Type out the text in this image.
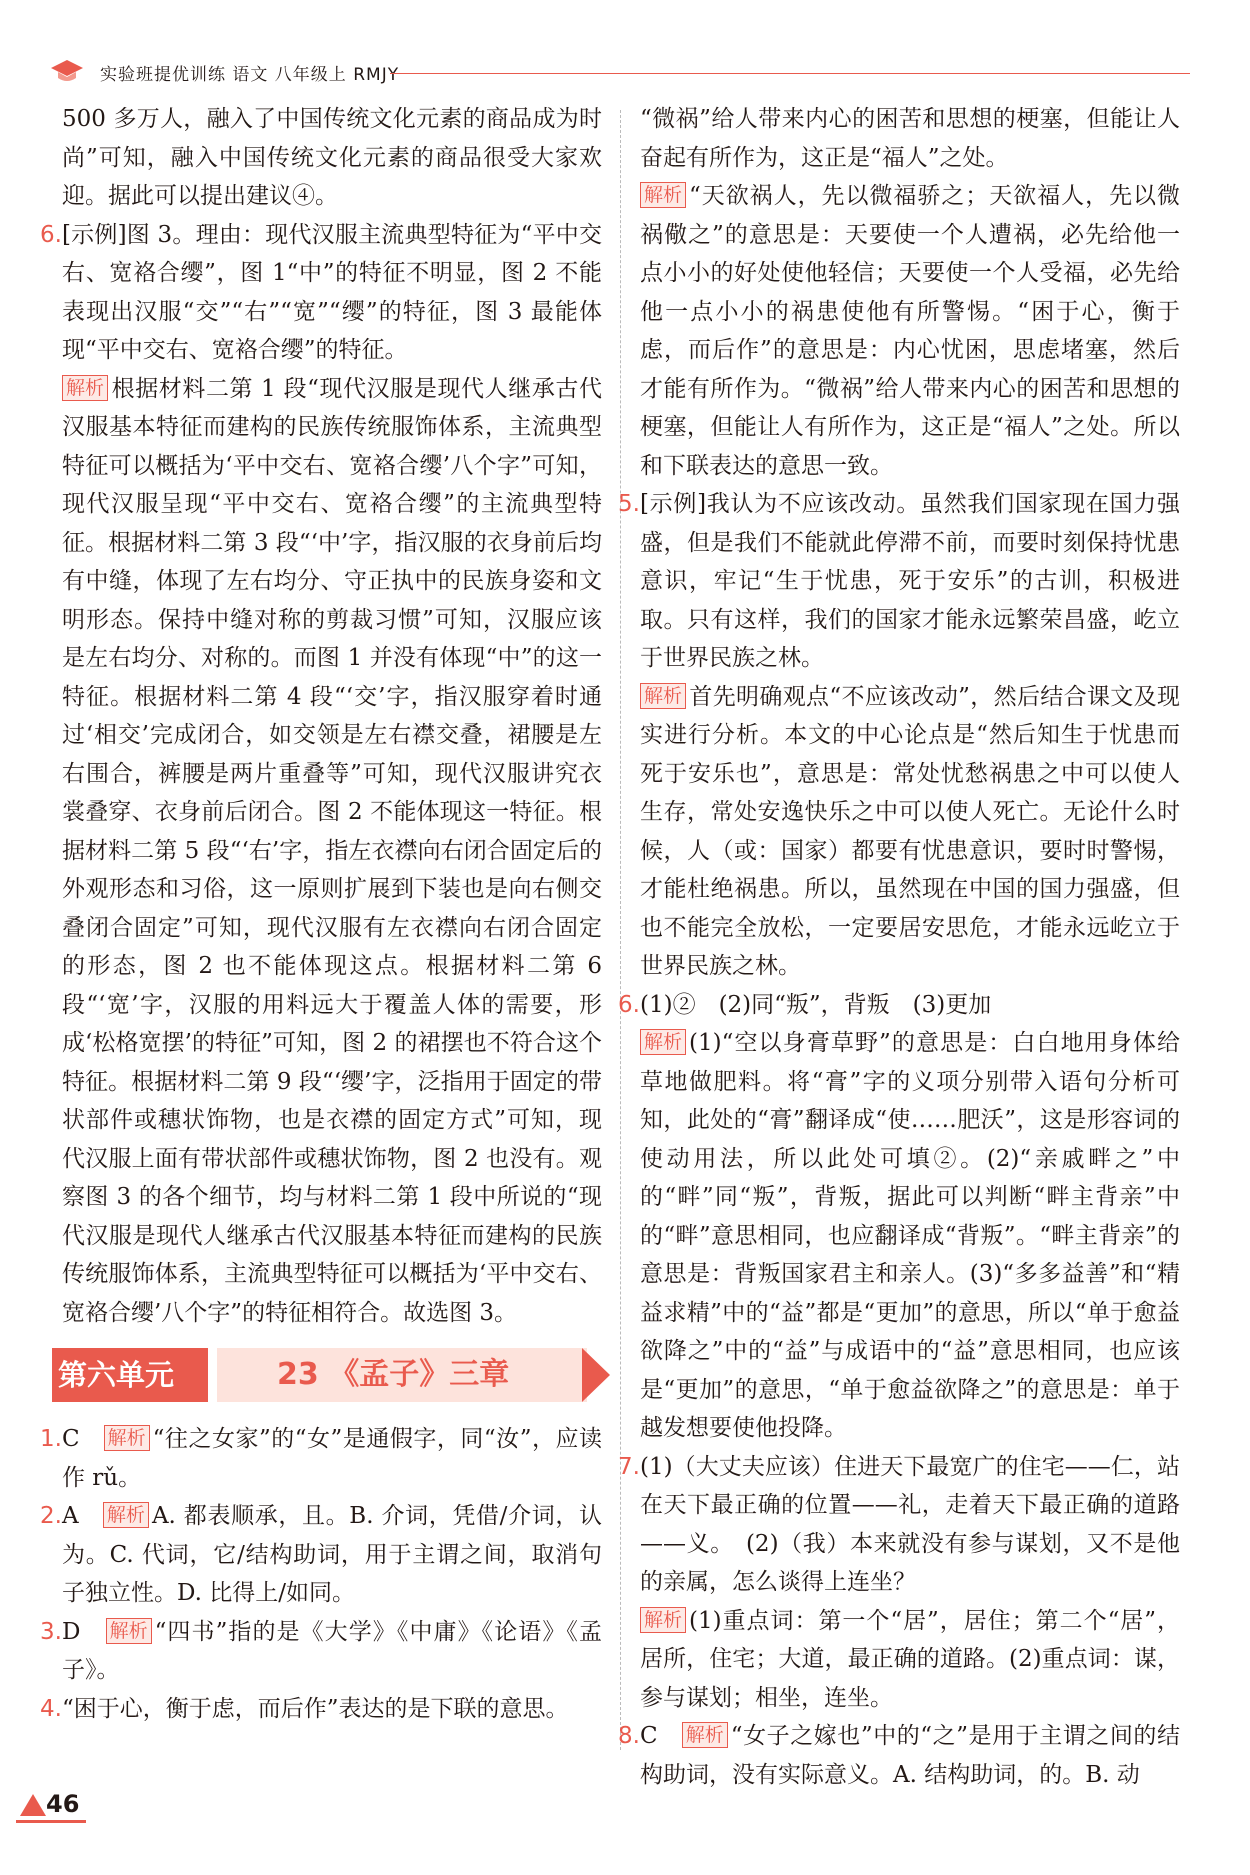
实验班提优训练 语文 八年级上 RMJY

500 多万人，融入了中国传统文化元素的商品成为时尚”可知，融入中国传统文化元素的商品很受大家欢迎。据此可以提出建议④。

6. [示例]图 3。理由：现代汉服主流典型特征为“平中交右、宽袼合缨”，图 1“中”的特征不明显，图 2 不能表现出汉服“交”“右”“宽”“缨”的特征，图 3 最能体现“平中交右、宽袼合缨”的特征。

解析 根据材料二第 1 段“现代汉服是现代人继承古代汉服基本特征而建构的民族传统服饰体系，主流典型特征可以概括为‘平中交右、宽袼合缨’八个字”可知，现代汉服呈现“平中交右、宽袼合缨”的主流典型特征。根据材料二第 3 段“‘中’字，指汉服的衣身前后均有中缝，体现了左右均分、守正执中的民族身姿和文明形态。保持中缝对称的剪裁习惯”可知，汉服应该是左右均分、对称的。而图 1 并没有体现“中”的这一特征。根据材料二第 4 段“‘交’字，指汉服穿着时通过‘相交’完成闭合，如交领是左右襟交叠，裙腰是左右围合，裤腰是两片重叠等”可知，现代汉服讲究衣裳叠穿、衣身前后闭合。图 2 不能体现这一特征。根据材料二第 5 段“‘右’字，指左衣襟向右闭合固定后的外观形态和习俗，这一原则扩展到下装也是向右侧交叠闭合固定”可知，现代汉服有左衣襟向右闭合固定的形态，图 2 也不能体现这点。根据材料二第 6 段“‘宽’字，汉服的用料远大于覆盖人体的需要，形成‘松格宽摆’的特征”可知，图 2 的裙摆也不符合这个特征。根据材料二第 9 段“‘缨’字，泛指用于固定的带状部件或穗状饰物，也是衣襟的固定方式”可知，现代汉服上面有带状部件或穗状饰物，图 2 也没有。观察图 3 的各个细节，均与材料二第 1 段中所说的“现代汉服是现代人继承古代汉服基本特征而建构的民族传统服饰体系，主流典型特征可以概括为‘平中交右、宽袼合缨’八个字”的特征相符合。故选图 3。

第六单元	23 《孟子》三章
1. C　 解析 “往之女家”的“女”是通假字，同“汝”，应读作 rǔ。

2. A　 解析 A. 都表顺承，且。B. 介词，凭借/介词，认为。C. 代词，它/结构助词，用于主谓之间，取消句子独立性。D. 比得上/如同。

3. D　 解析 “四书”指的是《大学》《中庸》《论语》《孟子》。

4. “困于心，衡于虑，而后作”表达的是下联的意思。

“微祸”给人带来内心的困苦和思想的梗塞，但能让人奋起有所作为，这正是“福人”之处。

解析 “天欲祸人，先以微福骄之；天欲福人，先以微祸儆之”的意思是：天要使一个人遭祸，必先给他一点小小的好处使他轻信；天要使一个人受福，必先给他一点小小的祸患使他有所警惕。“困于心，衡于虑，而后作”的意思是：内心忧困，思虑堵塞，然后才能有所作为。“微祸”给人带来内心的困苦和思想的梗塞，但能让人有所作为，这正是“福人”之处。所以和下联表达的意思一致。

5. [示例]我认为不应该改动。虽然我们国家现在国力强盛，但是我们不能就此停滞不前，而要时刻保持忧患意识，牢记“生于忧患，死于安乐”的古训，积极进取。只有这样，我们的国家才能永远繁荣昌盛，屹立于世界民族之林。

解析 首先明确观点“不应该改动”，然后结合课文及现实进行分析。本文的中心论点是“然后知生于忧患而死于安乐也”，意思是：常处忧愁祸患之中可以使人生存，常处安逸快乐之中可以使人死亡。无论什么时候，人（或：国家）都要有忧患意识，要时时警惕，才能杜绝祸患。所以，虽然现在中国的国力强盛，但也不能完全放松，一定要居安思危，才能永远屹立于世界民族之林。

6. (1)②　(2)同“叛”，背叛　(3)更加

解析 (1)“空以身膏草野”的意思是：白白地用身体给草地做肥料。将“膏”字的义项分别带入语句分析可知，此处的“膏”翻译成“使……肥沃”，这是形容词的使动用法，所以此处可填②。(2)“亲戚畔之”中的“畔”同“叛”，背叛，据此可以判断“畔主背亲”中的“畔”意思相同，也应翻译成“背叛”。“畔主背亲”的意思是：背叛国家君主和亲人。(3)“多多益善”和“精益求精”中的“益”都是“更加”的意思，所以“单于愈益欲降之”中的“益”与成语中的“益”意思相同，也应该是“更加”的意思，“单于愈益欲降之”的意思是：单于越发想要使他投降。

7. (1)（大丈夫应该）住进天下最宽广的住宅——仁，站在天下最正确的位置——礼，走着天下最正确的道路——义。　(2)（我）本来就没有参与谋划，又不是他的亲属，怎么谈得上连坐？

解析 (1)重点词：第一个“居”，居住；第二个“居”，居所，住宅；大道，最正确的道路。(2)重点词：谋，参与谋划；相坐，连坐。

8. C　 解析 “女子之嫁也”中的“之”是用于主谓之间的结构助词，没有实际意义。A. 结构助词，的。B. 动

46
